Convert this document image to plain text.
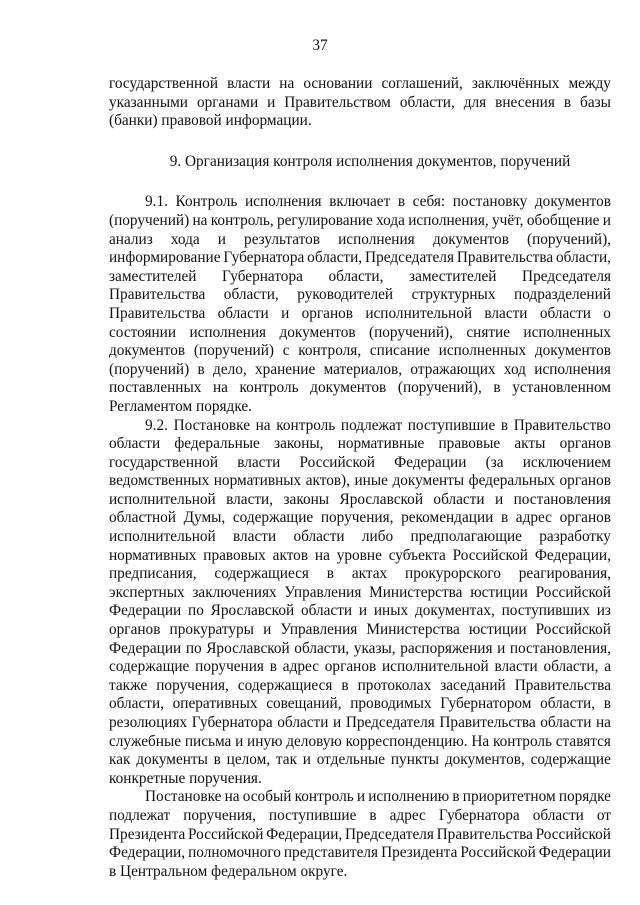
37
государственной власти на основании соглашений, заключённых между
указанными органами и Правительством области, для внесения в базы
(банки) правовой информации.
9. Организация контроля исполнения документов, поручений
9.1. Контроль исполнения включает в себя: постановку документов
(поручений) на контроль, регулирование хода исполнения, учёт, обобщение и
анализ хода и результатов исполнения документов (поручений),
информирование Губернатора области, Председателя Правительства области,
заместителей Губернатора области, заместителей Председателя
Правительства области, руководителей структурных подразделений
Правительства области и органов исполнительной власти области о
состоянии исполнения документов (поручений), снятие исполненных
документов (поручений) с контроля, списание исполненных документов
(поручений) в дело, хранение материалов, отражающих ход исполнения
поставленных на контроль документов (поручений), в установленном
Регламентом порядке.
9.2. Постановке на контроль подлежат поступившие в Правительство
области федеральные законы, нормативные правовые акты органов
государственной власти Российской Федерации (за исключением
ведомственных нормативных актов), иные документы федеральных органов
исполнительной власти, законы Ярославской области и постановления
областной Думы, содержащие поручения, рекомендации в адрес органов
исполнительной власти области либо предполагающие разработку
нормативных правовых актов на уровне субъекта Российской Федерации,
предписания, содержащиеся в актах прокурорского реагирования,
экспертных заключениях Управления Министерства юстиции Российской
Федерации по Ярославской области и иных документах, поступивших из
органов прокуратуры и Управления Министерства юстиции Российской
Федерации по Ярославской области, указы, распоряжения и постановления,
содержащие поручения в адрес органов исполнительной власти области, а
также поручения, содержащиеся в протоколах заседаний Правительства
области, оперативных совещаний, проводимых Губернатором области, в
резолюциях Губернатора области и Председателя Правительства области на
служебные письма и иную деловую корреспонденцию. На контроль ставятся
как документы в целом, так и отдельные пункты документов, содержащие
конкретные поручения.
Постановке на особый контроль и исполнению в приоритетном порядке
подлежат поручения, поступившие в адрес Губернатора области от
Президента Российской Федерации, Председателя Правительства Российской
Федерации, полномочного представителя Президента Российской Федерации
в Центральном федеральном округе.
